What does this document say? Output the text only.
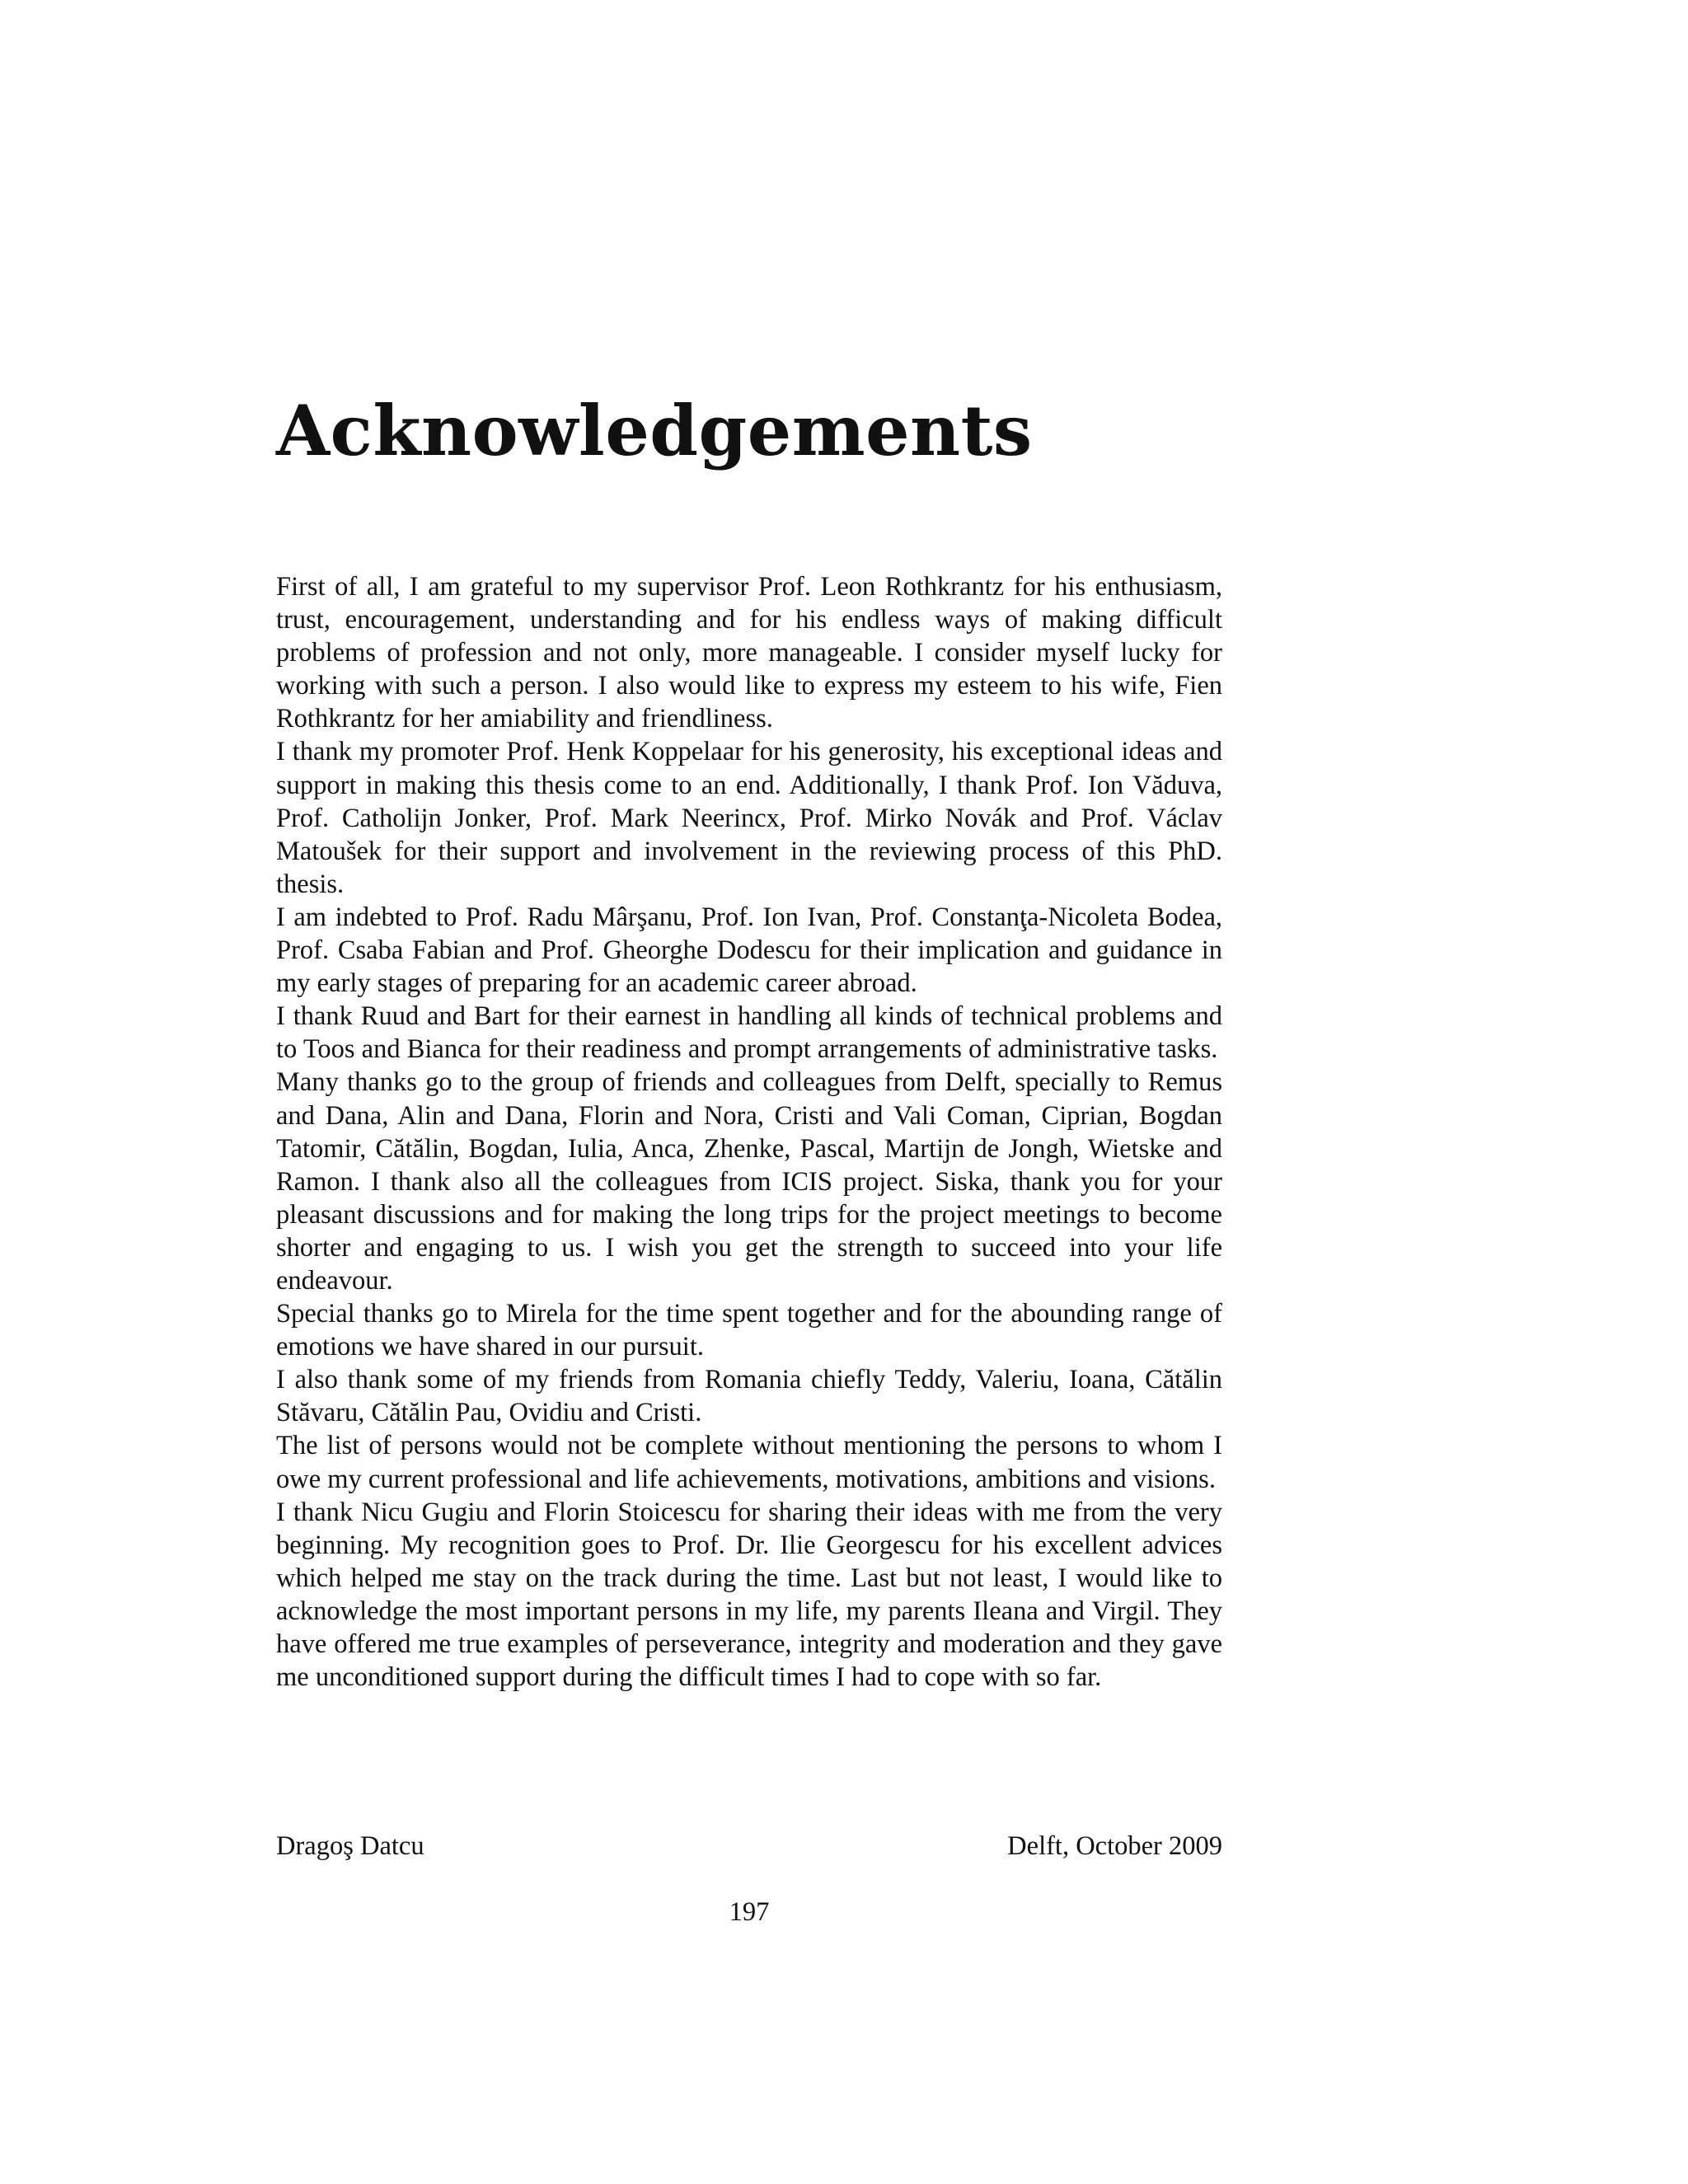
Acknowledgements

First of all, I am grateful to my supervisor Prof. Leon Rothkrantz for his enthusiasm, trust, encouragement, understanding and for his endless ways of making difficult problems of profession and not only, more manageable. I consider myself lucky for working with such a person. I also would like to express my esteem to his wife, Fien Rothkrantz for her amiability and friendliness.

I thank my promoter Prof. Henk Koppelaar for his generosity, his exceptional ideas and support in making this thesis come to an end. Additionally, I thank Prof. Ion Văduva, Prof. Catholijn Jonker, Prof. Mark Neerincx, Prof. Mirko Novák and Prof. Václav Matoušek for their support and involvement in the reviewing process of this PhD. thesis.

I am indebted to Prof. Radu Mârşanu, Prof. Ion Ivan, Prof. Constanţa-Nicoleta Bodea, Prof. Csaba Fabian and Prof. Gheorghe Dodescu for their implication and guidance in my early stages of preparing for an academic career abroad.

I thank Ruud and Bart for their earnest in handling all kinds of technical problems and to Toos and Bianca for their readiness and prompt arrangements of administrative tasks.

Many thanks go to the group of friends and colleagues from Delft, specially to Remus and Dana, Alin and Dana, Florin and Nora, Cristi and Vali Coman, Ciprian, Bogdan Tatomir, Cătălin, Bogdan, Iulia, Anca, Zhenke, Pascal, Martijn de Jongh, Wietske and Ramon. I thank also all the colleagues from ICIS project. Siska, thank you for your pleasant discussions and for making the long trips for the project meetings to become shorter and engaging to us. I wish you get the strength to succeed into your life endeavour.

Special thanks go to Mirela for the time spent together and for the abounding range of emotions we have shared in our pursuit.

I also thank some of my friends from Romania chiefly Teddy, Valeriu, Ioana, Cătălin Stăvaru, Cătălin Pau, Ovidiu and Cristi.

The list of persons would not be complete without mentioning the persons to whom I owe my current professional and life achievements, motivations, ambitions and visions.

I thank Nicu Gugiu and Florin Stoicescu for sharing their ideas with me from the very beginning. My recognition goes to Prof. Dr. Ilie Georgescu for his excellent advices which helped me stay on the track during the time. Last but not least, I would like to acknowledge the most important persons in my life, my parents Ileana and Virgil. They have offered me true examples of perseverance, integrity and moderation and they gave me unconditioned support during the difficult times I had to cope with so far.

Dragoş Datcu	Delft, October 2009
197
